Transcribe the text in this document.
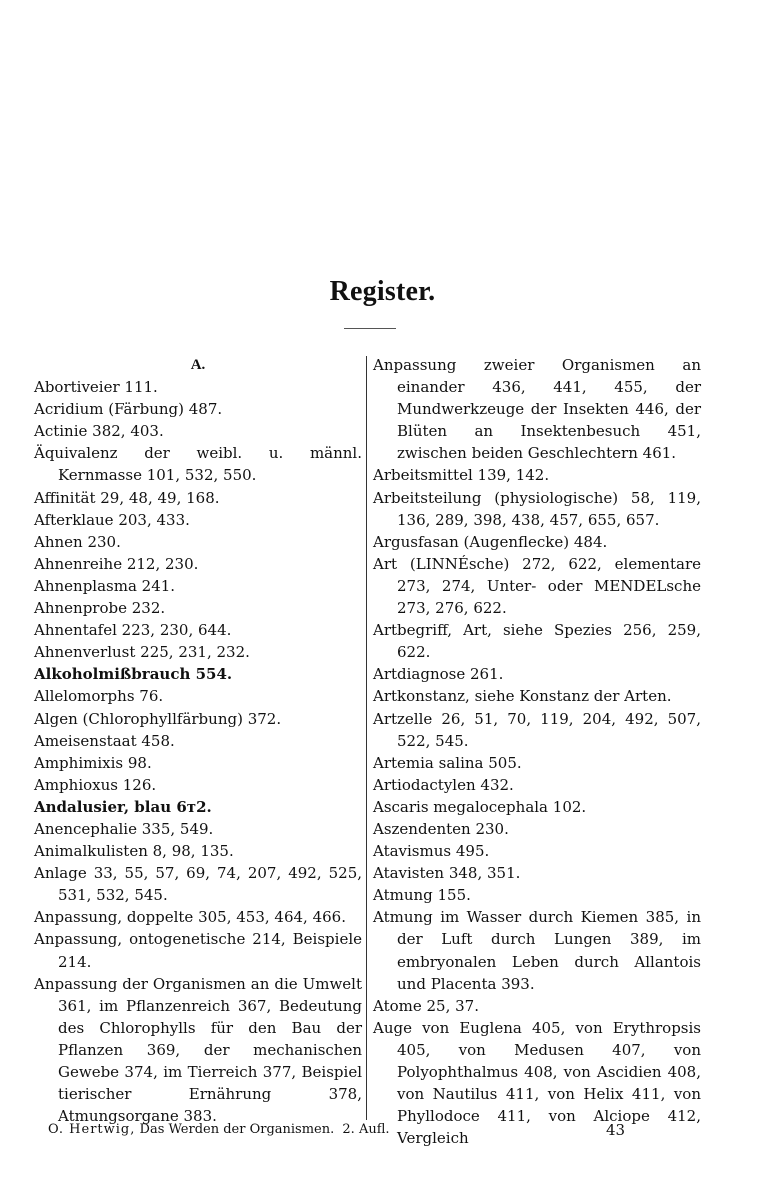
Register.
A.
Abortiveier 111.
Acridium (Färbung) 487.
Actinie 382, 403.
Äquivalenz der weibl. u. männl. Kernmasse 101, 532, 550.
Affinität 29, 48, 49, 168.
Afterklaue 203, 433.
Ahnen 230.
Ahnenreihe 212, 230.
Ahnenplasma 241.
Ahnenprobe 232.
Ahnentafel 223, 230, 644.
Ahnenverlust 225, 231, 232.
Alkoholmißbrauch 554.
Allelomorphs 76.
Algen (Chlorophyllfärbung) 372.
Ameisenstaat 458.
Amphimixis 98.
Amphioxus 126.
Andalusier, blau 6т2.
Anencephalie 335, 549.
Animalkulisten 8, 98, 135.
Anlage 33, 55, 57, 69, 74, 207, 492, 525, 531, 532, 545.
Anpassung, doppelte 305, 453, 464, 466.
Anpassung, ontogenetische 214, Beispiele 214.
Anpassung der Organismen an die Umwelt 361, im Pflanzenreich 367, Bedeutung des Chlorophylls für den Bau der Pflanzen 369, der mechanischen Gewebe 374, im Tierreich 377, Beispiel tierischer Ernährung 378, Atmungsorgane 383.
Anpassung zweier Organismen an einander 436, 441, 455, der Mundwerkzeuge der Insekten 446, der Blüten an Insektenbesuch 451, zwischen beiden Geschlechtern 461.
Arbeitsmittel 139, 142.
Arbeitsteilung (physiologische) 58, 119, 136, 289, 398, 438, 457, 655, 657.
Argusfasan (Augenflecke) 484.
Art (LINNÉsche) 272, 622, elementare 273, 274, Unter- oder MENDELsche 273, 276, 622.
Artbegriff, Art, siehe Spezies 256, 259, 622.
Artdiagnose 261.
Artkonstanz, siehe Konstanz der Arten.
Artzelle 26, 51, 70, 119, 204, 492, 507, 522, 545.
Artemia salina 505.
Artiodactylen 432.
Ascaris megalocephala 102.
Aszendenten 230.
Atavismus 495.
Atavisten 348, 351.
Atmung 155.
Atmung im Wasser durch Kiemen 385, in der Luft durch Lungen 389, im embryonalen Leben durch Allantois und Placenta 393.
Atome 25, 37.
Auge von Euglena 405, von Erythropsis 405, von Medusen 407, von Polyophthalmus 408, von Ascidien 408, von Nautilus 411, von Helix 411, von Phyllodoce 411, von Alciope 412, Vergleich
O. Hertwig, Das Werden der Organismen. 2. Aufl.	43
